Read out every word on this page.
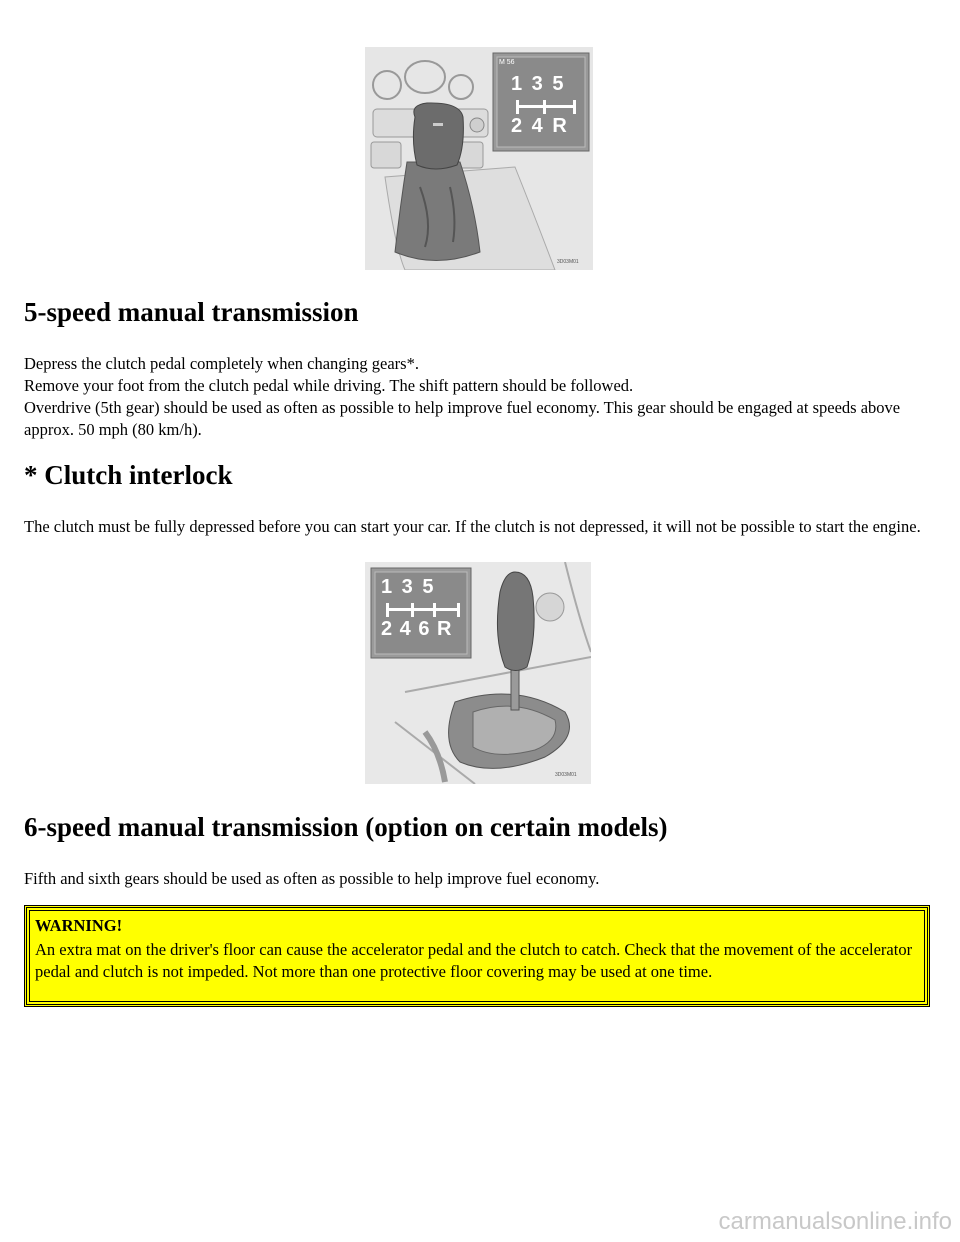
M 56
1 3 5
2 4 R
3D03M01
5-speed manual transmission

Depress the clutch pedal completely when changing gears*.
Remove your foot from the clutch pedal while driving. The shift pattern should be followed.
Overdrive (5th gear) should be used as often as possible to help improve fuel economy. This gear should be engaged at speeds above approx. 50 mph (80 km/h).

* Clutch interlock

The clutch must be fully depressed before you can start your car. If the clutch is not depressed, it will not be possible to start the engine.

1 3 5
2 4 6 R
3D03M01
6-speed manual transmission (option on certain models)

Fifth and sixth gears should be used as often as possible to help improve fuel economy.

WARNING!
An extra mat on the driver's floor can cause the accelerator pedal and the clutch to catch. Check that the movement of the accelerator pedal and clutch is not impeded. Not more than one protective floor covering may be used at one time.
carmanualsonline.info
